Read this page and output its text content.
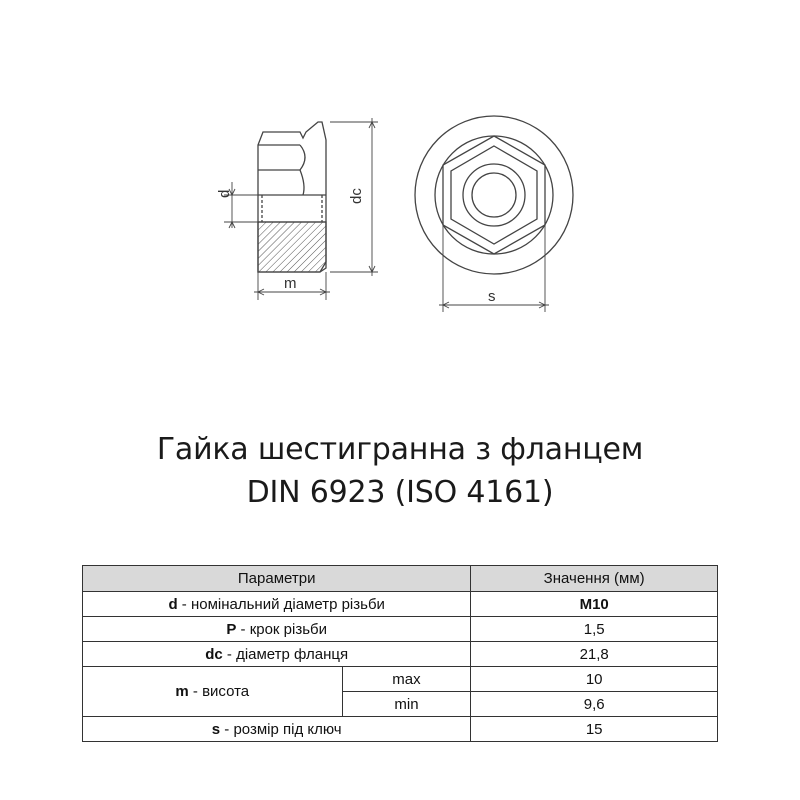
d	dc
m
s
Гайка шестигранна з фланцем
DIN 6923 (ISO 4161)
Параметри		Значення (мм)
d - номінальний діаметр різьби		M10
P - крок різьби		1,5
dc - діаметр фланця		21,8
m - висота	max	10
	min	9,6
s - розмір під ключ		15
